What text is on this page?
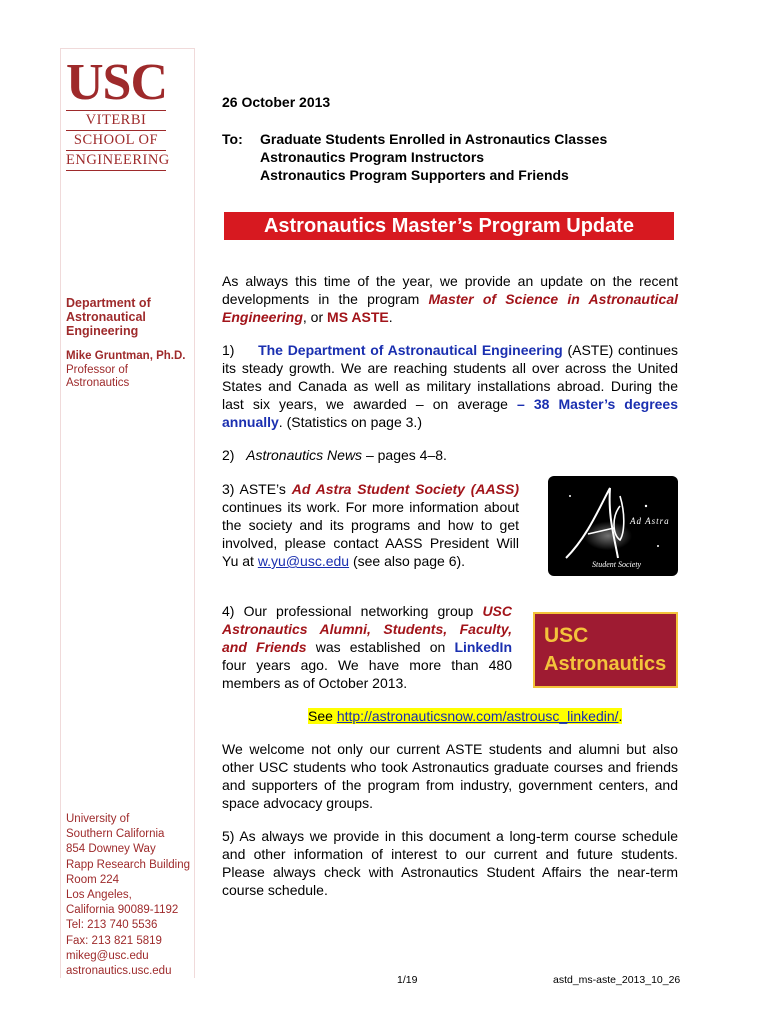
USC
VITERBI
SCHOOL OF
ENGINEERING
Department of
Astronautical
Engineering
Mike Gruntman, Ph.D.
Professor of
Astronautics
University of
Southern California
854 Downey Way
Rapp Research Building
Room 224
Los Angeles,
California 90089-1192
Tel: 213 740 5536
Fax: 213 821 5819
mikeg@usc.edu
astronautics.usc.edu
26 October 2013
To: Graduate Students Enrolled in Astronautics Classes
Astronautics Program Instructors
Astronautics Program Supporters and Friends
Astronautics Master’s Program Update
As always this time of the year, we provide an update on the recent developments in the program Master of Science in Astronautical Engineering, or MS ASTE.
1) The Department of Astronautical Engineering (ASTE) continues its steady growth. We are reaching students all over across the United States and Canada as well as military installations abroad. During the last six years, we awarded – on average – 38 Master’s degrees annually. (Statistics on page 3.)
2) Astronautics News – pages 4–8.
3) ASTE’s Ad Astra Student Society (AASS) continues its work. For more information about the society and its programs and how to get involved, please contact AASS President Will Yu at w.yu@usc.edu (see also page 6).
Ad Astra
Student Society
4) Our professional networking group USC Astronautics Alumni, Students, Faculty, and Friends was established on LinkedIn four years ago. We have more than 480 members as of October 2013.
USC
Astronautics
See http://astronauticsnow.com/astrousc_linkedin/.
We welcome not only our current ASTE students and alumni but also other USC students who took Astronautics graduate courses and friends and supporters of the program from industry, government centers, and space advocacy groups.
5) As always we provide in this document a long-term course schedule and other information of interest to our current and future students. Please always check with Astronautics Student Affairs the near-term course schedule.
1/19	astd_ms-aste_2013_10_26
